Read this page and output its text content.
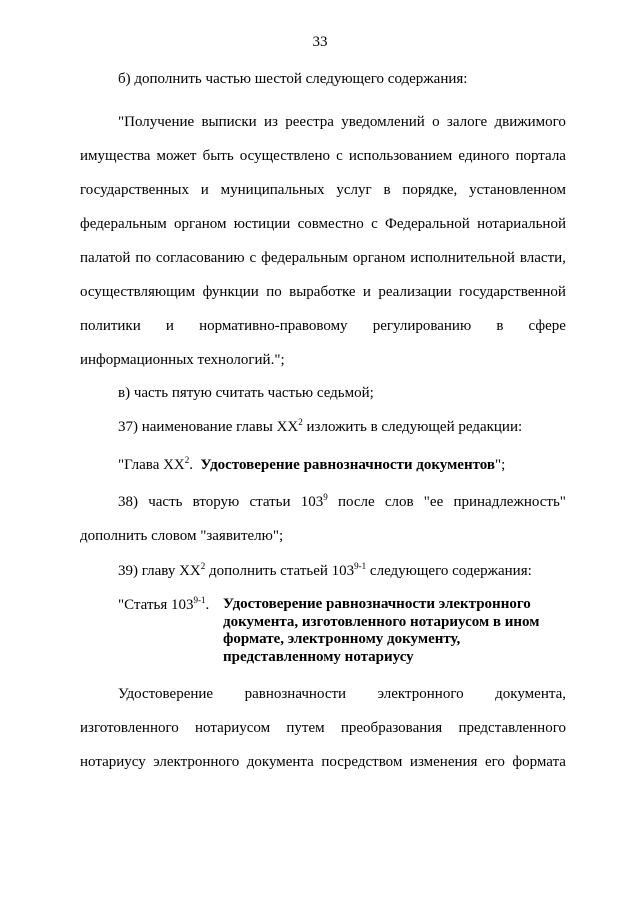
33
б) дополнить частью шестой следующего содержания:
"Получение выписки из реестра уведомлений о залоге движимого
имущества может быть осуществлено с использованием единого портала
государственных и муниципальных услуг в порядке, установленном
федеральным органом юстиции совместно с Федеральной нотариальной
палатой по согласованию с федеральным органом исполнительной власти,
осуществляющим функции по выработке и реализации государственной
политики и нормативно-правовому регулированию в сфере
информационных технологий.";
в) часть пятую считать частью седьмой;
37) наименование главы $XX^2$ изложить в следующей редакции:
"Глава $XX^2$.  Удостоверение равнозначности документов";
38) часть вторую статьи $103^9$ после слов "ее принадлежность"
дополнить словом "заявителю";
39) главу $XX^2$ дополнить статьей 103$^{9-1}$ следующего содержания:
"Статья 103$^{9-1}$. Удостоверение равнозначности электронного
документа, изготовленного нотариусом в ином
формате, электронному документу,
представленному нотариусу
Удостоверение равнозначности электронного документа,
изготовленного нотариусом путем преобразования представленного
нотариусу электронного документа посредством изменения его формата
